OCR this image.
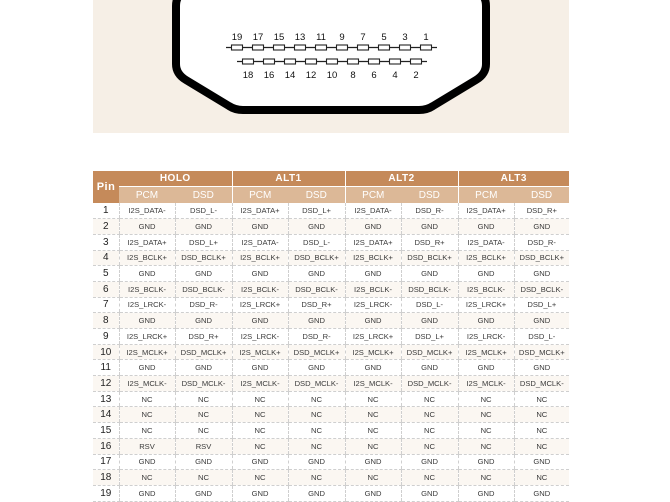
19 17 15 13 11 9 7 5 3 1
18 16 14 12 10 8 6 4 2
Pin	HOLO		ALT1		ALT2		ALT3	
	PCM	DSD	PCM	DSD	PCM	DSD	PCM	DSD
1	I2S_DATA-	DSD_L-	I2S_DATA+	DSD_L+	I2S_DATA-	DSD_R-	I2S_DATA+	DSD_R+
2	GND	GND	GND	GND	GND	GND	GND	GND
3	I2S_DATA+	DSD_L+	I2S_DATA-	DSD_L-	I2S_DATA+	DSD_R+	I2S_DATA-	DSD_R-
4	I2S_BCLK+	DSD_BCLK+	I2S_BCLK+	DSD_BCLK+	I2S_BCLK+	DSD_BCLK+	I2S_BCLK+	DSD_BCLK+
5	GND	GND	GND	GND	GND	GND	GND	GND
6	I2S_BCLK-	DSD_BCLK-	I2S_BCLK-	DSD_BCLK-	I2S_BCLK-	DSD_BCLK-	I2S_BCLK-	DSD_BCLK-
7	I2S_LRCK-	DSD_R-	I2S_LRCK+	DSD_R+	I2S_LRCK-	DSD_L-	I2S_LRCK+	DSD_L+
8	GND	GND	GND	GND	GND	GND	GND	GND
9	I2S_LRCK+	DSD_R+	I2S_LRCK-	DSD_R-	I2S_LRCK+	DSD_L+	I2S_LRCK-	DSD_L-
10	I2S_MCLK+	DSD_MCLK+	I2S_MCLK+	DSD_MCLK+	I2S_MCLK+	DSD_MCLK+	I2S_MCLK+	DSD_MCLK+
11	GND	GND	GND	GND	GND	GND	GND	GND
12	I2S_MCLK-	DSD_MCLK-	I2S_MCLK-	DSD_MCLK-	I2S_MCLK-	DSD_MCLK-	I2S_MCLK-	DSD_MCLK-
13	NC	NC	NC	NC	NC	NC	NC	NC
14	NC	NC	NC	NC	NC	NC	NC	NC
15	NC	NC	NC	NC	NC	NC	NC	NC
16	RSV	RSV	NC	NC	NC	NC	NC	NC
17	GND	GND	GND	GND	GND	GND	GND	GND
18	NC	NC	NC	NC	NC	NC	NC	NC
19	GND	GND	GND	GND	GND	GND	GND	GND
